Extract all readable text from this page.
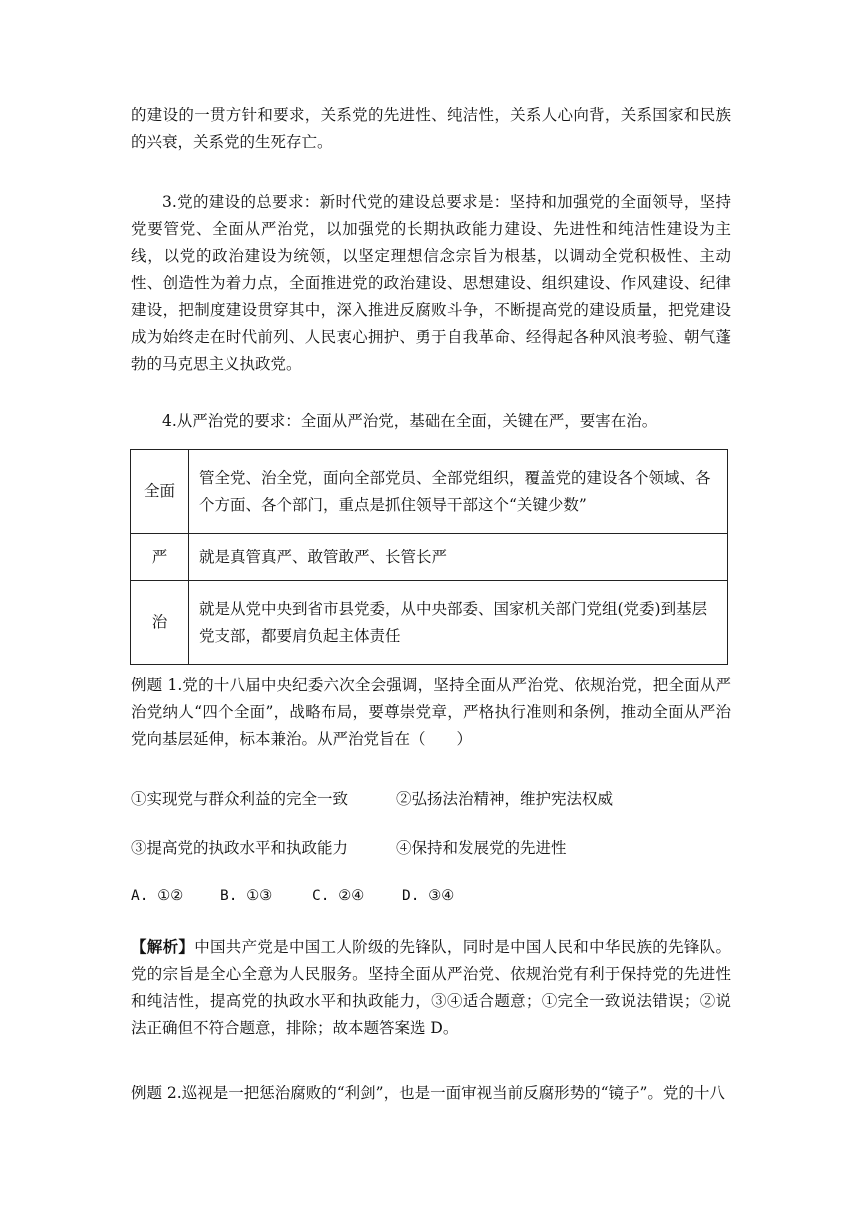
的建设的一贯方针和要求，关系党的先进性、纯洁性，关系人心向背，关系国家和民族的兴衰，关系党的生死存亡。

3.党的建设的总要求：新时代党的建设总要求是：坚持和加强党的全面领导，坚持党要管党、全面从严治党，以加强党的长期执政能力建设、先进性和纯洁性建设为主线，以党的政治建设为统领，以坚定理想信念宗旨为根基，以调动全党积极性、主动性、创造性为着力点，全面推进党的政治建设、思想建设、组织建设、作风建设、纪律建设，把制度建设贯穿其中，深入推进反腐败斗争，不断提高党的建设质量，把党建设成为始终走在时代前列、人民衷心拥护、勇于自我革命、经得起各种风浪考验、朝气蓬勃的马克思主义执政党。

4.从严治党的要求：全面从严治党，基础在全面，关键在严，要害在治。

全面	管全党、治全党，面向全部党员、全部党组织，覆盖党的建设各个领域、各个方面、各个部门，重点是抓住领导干部这个“关键少数”
严	就是真管真严、敢管敢严、长管长严
治	就是从党中央到省市县党委，从中央部委、国家机关部门党组(党委)到基层党支部，都要肩负起主体责任

例题 1.党的十八届中央纪委六次全会强调，坚持全面从严治党、依规治党，把全面从严治党纳人“四个全面”，战略布局，要尊崇党章，严格执行准则和条例，推动全面从严治党向基层延伸，标本兼治。从严治党旨在（　　）

①实现党与群众利益的完全一致	②弘扬法治精神，维护宪法权威
③提高党的执政水平和执政能力	④保持和发展党的先进性
A. ①②	B. ①③	C. ②④	D. ③④

【解析】中国共产党是中国工人阶级的先锋队，同时是中国人民和中华民族的先锋队。党的宗旨是全心全意为人民服务。坚持全面从严治党、依规治党有利于保持党的先进性和纯洁性，提高党的执政水平和执政能力，③④适合题意；①完全一致说法错误；②说法正确但不符合题意，排除；故本题答案选 D。

例题 2.巡视是一把惩治腐败的“利剑”，也是一面审视当前反腐形势的“镜子”。党的十八
